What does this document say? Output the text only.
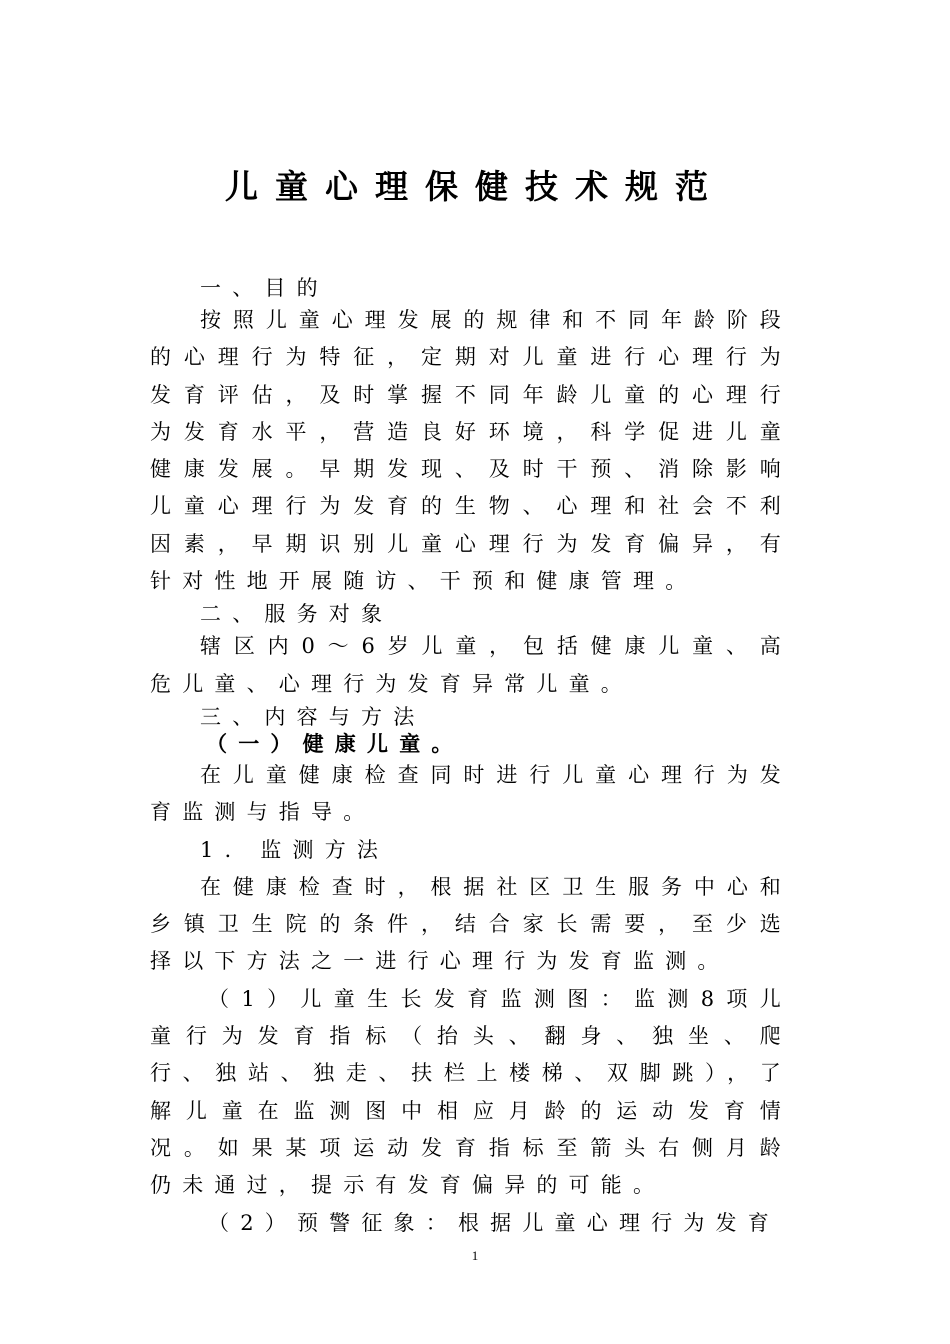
儿童心理保健技术规范

一、目的

按照儿童心理发展的规律和不同年龄阶段的心理行为特征，定期对儿童进行心理行为发育评估，及时掌握不同年龄儿童的心理行为发育水平，营造良好环境，科学促进儿童健康发展。早期发现、及时干预、消除影响儿童心理行为发育的生物、心理和社会不利因素，早期识别儿童心理行为发育偏异，有针对性地开展随访、干预和健康管理。

二、服务对象

辖区内0～6岁儿童，包括健康儿童、高危儿童、心理行为发育异常儿童。

三、内容与方法

（一）健康儿童。

在儿童健康检查同时进行儿童心理行为发育监测与指导。

1. 监测方法

在健康检查时，根据社区卫生服务中心和乡镇卫生院的条件，结合家长需要，至少选择以下方法之一进行心理行为发育监测。

（1）儿童生长发育监测图：监测8项儿童行为发育指标（抬头、翻身、独坐、爬行、独站、独走、扶栏上楼梯、双脚跳），了解儿童在监测图中相应月龄的运动发育情况。如果某项运动发育指标至箭头右侧月龄仍未通过，提示有发育偏异的可能。

（2）预警征象：根据儿童心理行为发育

1
